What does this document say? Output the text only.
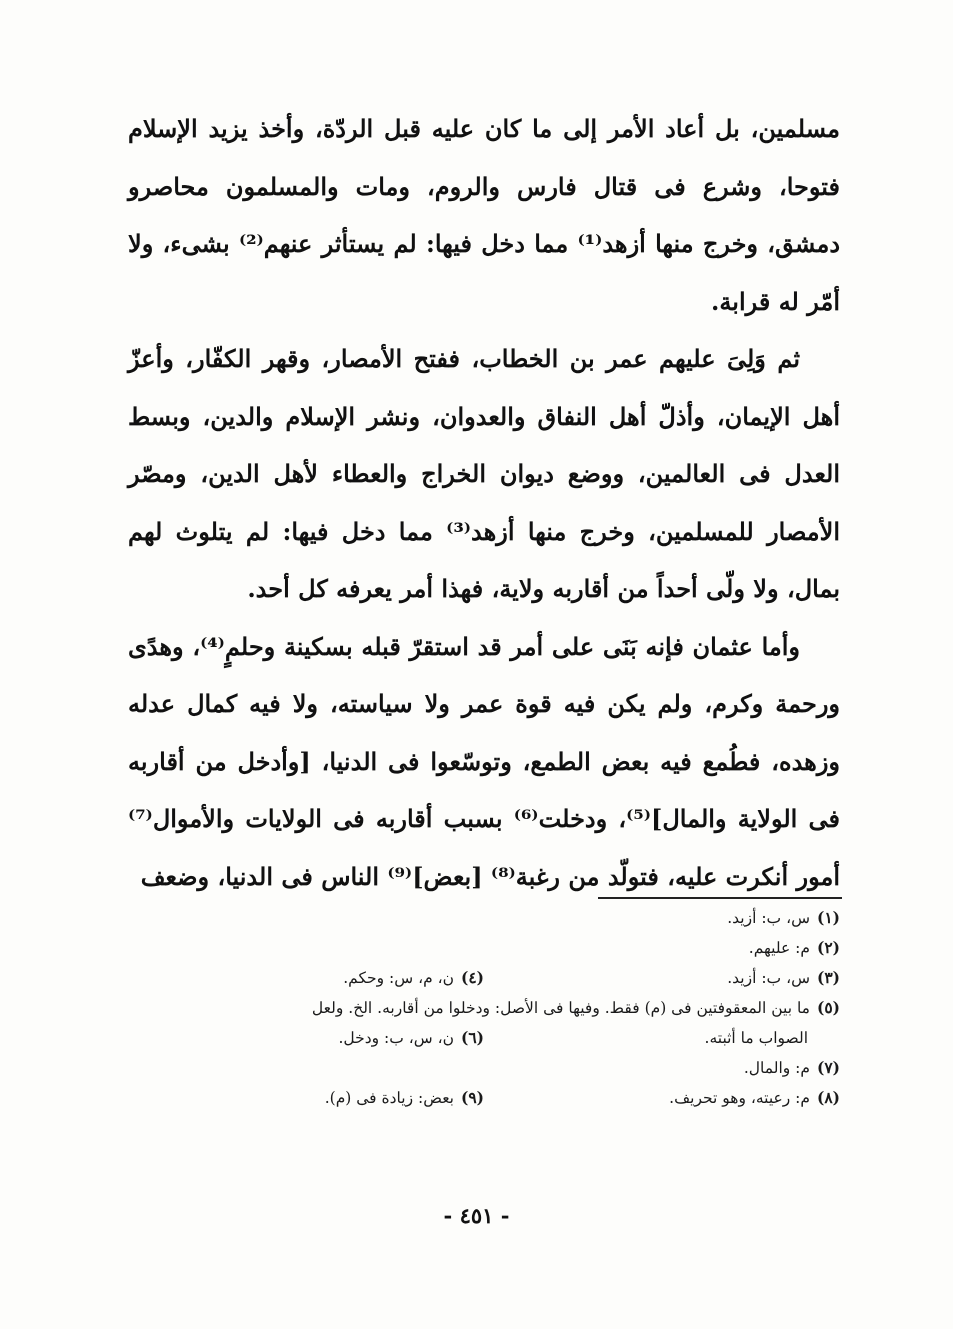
مسلمين، بل أعاد الأمر إلى ما كان عليه قبل الردّة، وأخذ يزيد الإسلام فتوحا، وشرع فى قتال فارس والروم، ومات والمسلمون محاصرو دمشق، وخرج منها أزهد⁽¹⁾ مما دخل فيها: لم يستأثر عنهم⁽²⁾ بشىء، ولا أمّر له قرابة.

ثم وَلِىَ عليهم عمر بن الخطاب، ففتح الأمصار، وقهر الكفّار، وأعزّ أهل الإيمان، وأذلّ أهل النفاق والعدوان، ونشر الإسلام والدين، وبسط العدل فى العالمين، ووضع ديوان الخراج والعطاء لأهل الدين، ومصّر الأمصار للمسلمين، وخرج منها أزهد⁽³⁾ مما دخل فيها: لم يتلوث لهم بمال، ولا ولّى أحداً من أقاربه ولاية، فهذا أمر يعرفه كل أحد.

وأما عثمان فإنه بَنَى على أمر قد استقرّ قبله بسكينة وحلمٍ⁽⁴⁾، وهدًى ورحمة وكرم، ولم يكن فيه قوة عمر ولا سياسته، ولا فيه كمال عدله وزهده، فطُمع فيه بعض الطمع، وتوسّعوا فى الدنيا، [وأدخل من أقاربه فى الولاية والمال]⁽⁵⁾، ودخلت⁽⁶⁾ بسبب أقاربه فى الولايات والأموال⁽⁷⁾ أمور أنكرت عليه، فتولّد من رغبة⁽⁸⁾ [بعض]⁽⁹⁾ الناس فى الدنيا، وضعف

(١)
س، ب: أزيد.
(٢)
م: عليهم.
(٣)
س، ب: أزيد.
(٤)
ن، م، س: وحكم.
(٥)
ما بين المعقوفتين فى (م) فقط. وفيها فى الأصل: ودخلوا من أقاربه. الخ. ولعل
الصواب ما أثبته.
(٦)
ن، س، ب: ودخل.
(٧)
م: والمال.
(٨)
م: رعيته، وهو تحريف.
(٩)
بعض: زيادة فى (م).
- ٤٥١ -
